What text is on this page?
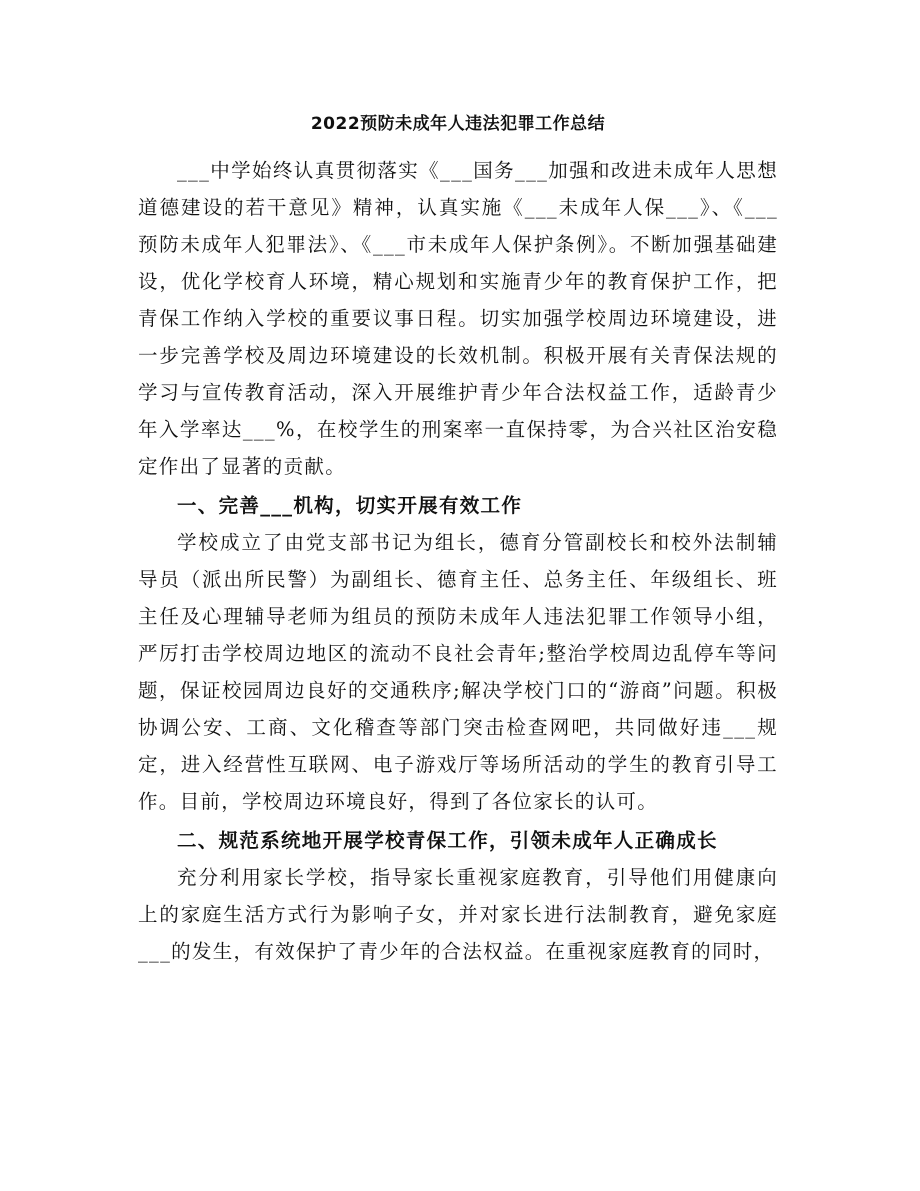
2022预防未成年人违法犯罪工作总结

___中学始终认真贯彻落实《___国务___加强和改进未成年人思想道德建设的若干意见》精神，认真实施《___未成年人保___》、《___预防未成年人犯罪法》、《___市未成年人保护条例》。不断加强基础建设，优化学校育人环境，精心规划和实施青少年的教育保护工作，把青保工作纳入学校的重要议事日程。切实加强学校周边环境建设，进一步完善学校及周边环境建设的长效机制。积极开展有关青保法规的学习与宣传教育活动，深入开展维护青少年合法权益工作，适龄青少年入学率达___%，在校学生的刑案率一直保持零，为合兴社区治安稳定作出了显著的贡献。

一、完善___机构，切实开展有效工作

学校成立了由党支部书记为组长，德育分管副校长和校外法制辅导员（派出所民警）为副组长、德育主任、总务主任、年级组长、班主任及心理辅导老师为组员的预防未成年人违法犯罪工作领导小组，严厉打击学校周边地区的流动不良社会青年;整治学校周边乱停车等问题，保证校园周边良好的交通秩序;解决学校门口的“游商”问题。积极协调公安、工商、文化稽查等部门突击检查网吧，共同做好违___规定，进入经营性互联网、电子游戏厅等场所活动的学生的教育引导工作。目前，学校周边环境良好，得到了各位家长的认可。

二、规范系统地开展学校青保工作，引领未成年人正确成长

充分利用家长学校，指导家长重视家庭教育，引导他们用健康向上的家庭生活方式行为影响子女，并对家长进行法制教育，避免家庭___的发生，有效保护了青少年的合法权益。在重视家庭教育的同时，
